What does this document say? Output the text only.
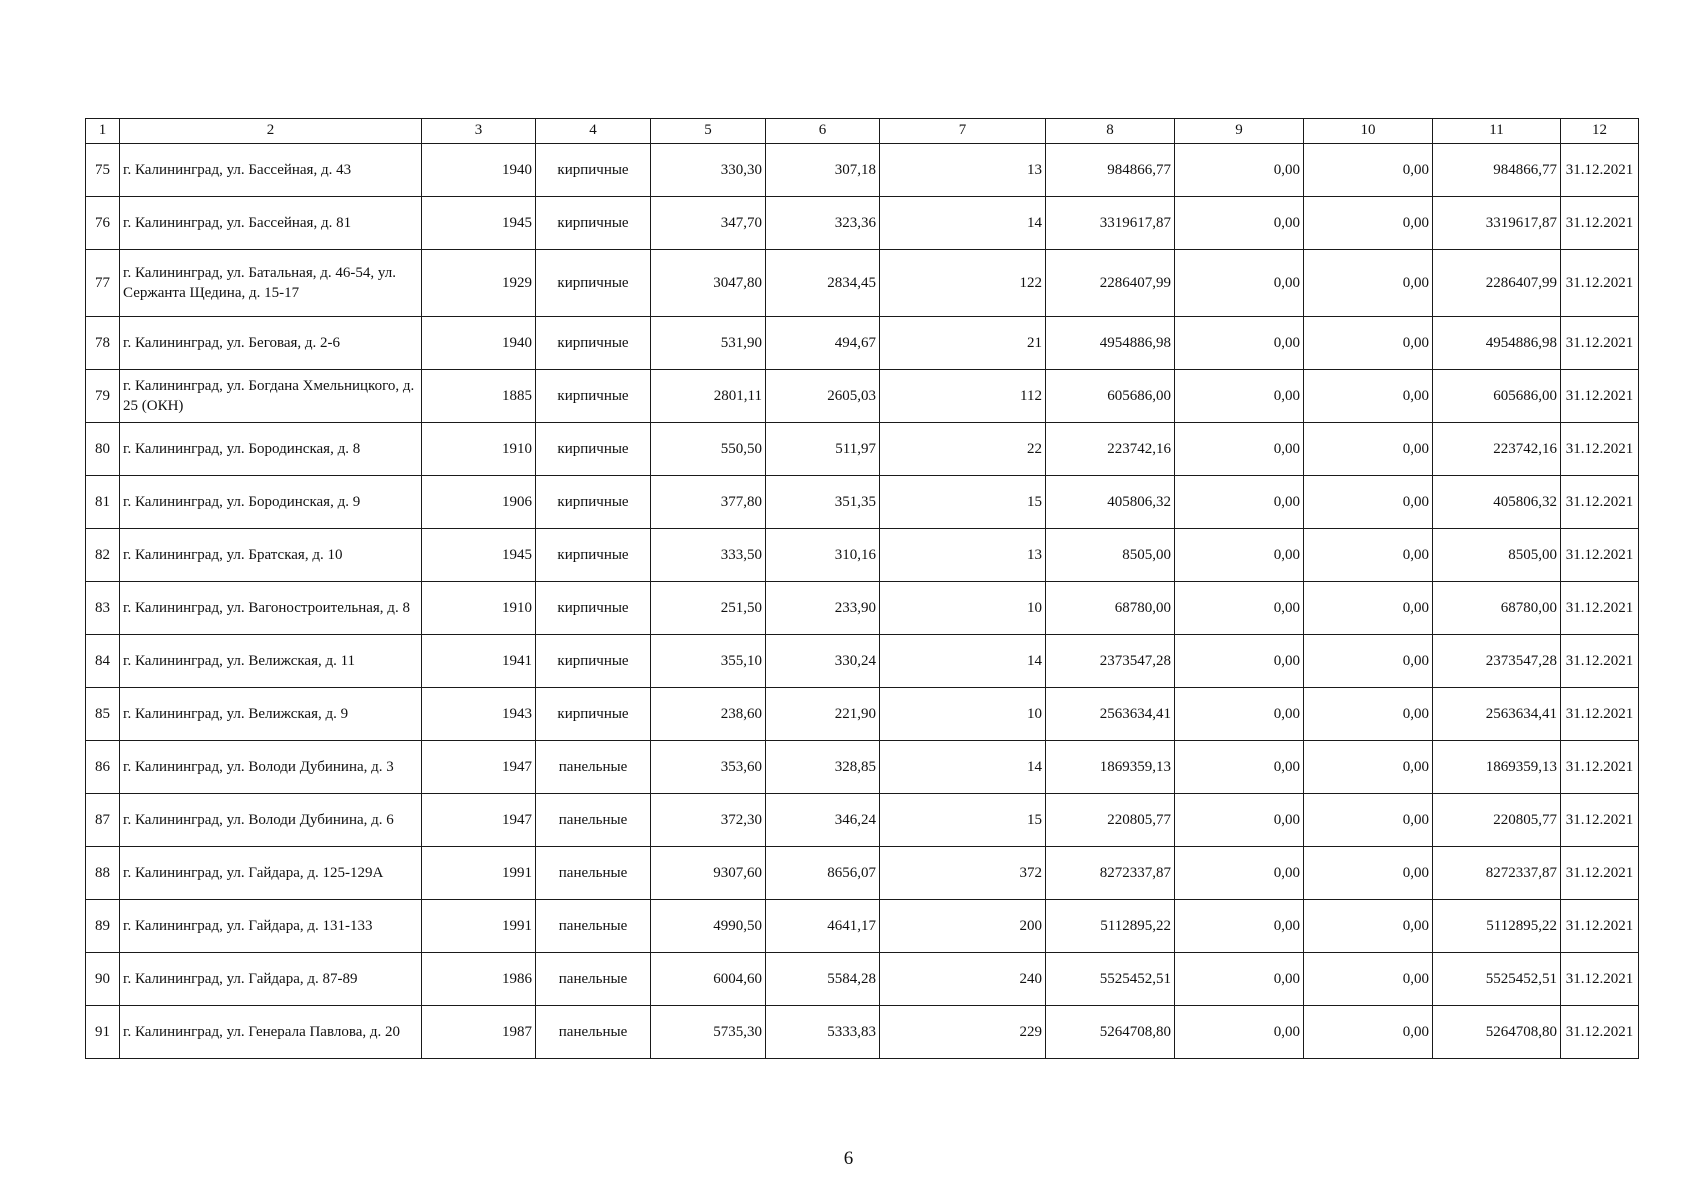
1	2	3	4	5	6	7	8	9	10	11	12
75	г. Калининград, ул. Бассейная, д. 43	1940	кирпичные	330,30	307,18	13	984866,77	0,00	0,00	984866,77	31.12.2021
76	г. Калининград, ул. Бассейная, д. 81	1945	кирпичные	347,70	323,36	14	3319617,87	0,00	0,00	3319617,87	31.12.2021
77	г. Калининград, ул. Батальная, д. 46-54, ул. Сержанта Щедина, д. 15-17	1929	кирпичные	3047,80	2834,45	122	2286407,99	0,00	0,00	2286407,99	31.12.2021
78	г. Калининград, ул. Беговая, д. 2-6	1940	кирпичные	531,90	494,67	21	4954886,98	0,00	0,00	4954886,98	31.12.2021
79	г. Калининград, ул. Богдана Хмельницкого, д. 25 (ОКН)	1885	кирпичные	2801,11	2605,03	112	605686,00	0,00	0,00	605686,00	31.12.2021
80	г. Калининград, ул. Бородинская, д. 8	1910	кирпичные	550,50	511,97	22	223742,16	0,00	0,00	223742,16	31.12.2021
81	г. Калининград, ул. Бородинская, д. 9	1906	кирпичные	377,80	351,35	15	405806,32	0,00	0,00	405806,32	31.12.2021
82	г. Калининград, ул. Братская, д. 10	1945	кирпичные	333,50	310,16	13	8505,00	0,00	0,00	8505,00	31.12.2021
83	г. Калининград, ул. Вагоностроительная, д. 8	1910	кирпичные	251,50	233,90	10	68780,00	0,00	0,00	68780,00	31.12.2021
84	г. Калининград, ул. Велижская, д. 11	1941	кирпичные	355,10	330,24	14	2373547,28	0,00	0,00	2373547,28	31.12.2021
85	г. Калининград, ул. Велижская, д. 9	1943	кирпичные	238,60	221,90	10	2563634,41	0,00	0,00	2563634,41	31.12.2021
86	г. Калининград, ул. Володи Дубинина, д. 3	1947	панельные	353,60	328,85	14	1869359,13	0,00	0,00	1869359,13	31.12.2021
87	г. Калининград, ул. Володи Дубинина, д. 6	1947	панельные	372,30	346,24	15	220805,77	0,00	0,00	220805,77	31.12.2021
88	г. Калининград, ул. Гайдара, д. 125-129А	1991	панельные	9307,60	8656,07	372	8272337,87	0,00	0,00	8272337,87	31.12.2021
89	г. Калининград, ул. Гайдара, д. 131-133	1991	панельные	4990,50	4641,17	200	5112895,22	0,00	0,00	5112895,22	31.12.2021
90	г. Калининград, ул. Гайдара, д. 87-89	1986	панельные	6004,60	5584,28	240	5525452,51	0,00	0,00	5525452,51	31.12.2021
91	г. Калининград, ул. Генерала Павлова, д. 20	1987	панельные	5735,30	5333,83	229	5264708,80	0,00	0,00	5264708,80	31.12.2021
6
